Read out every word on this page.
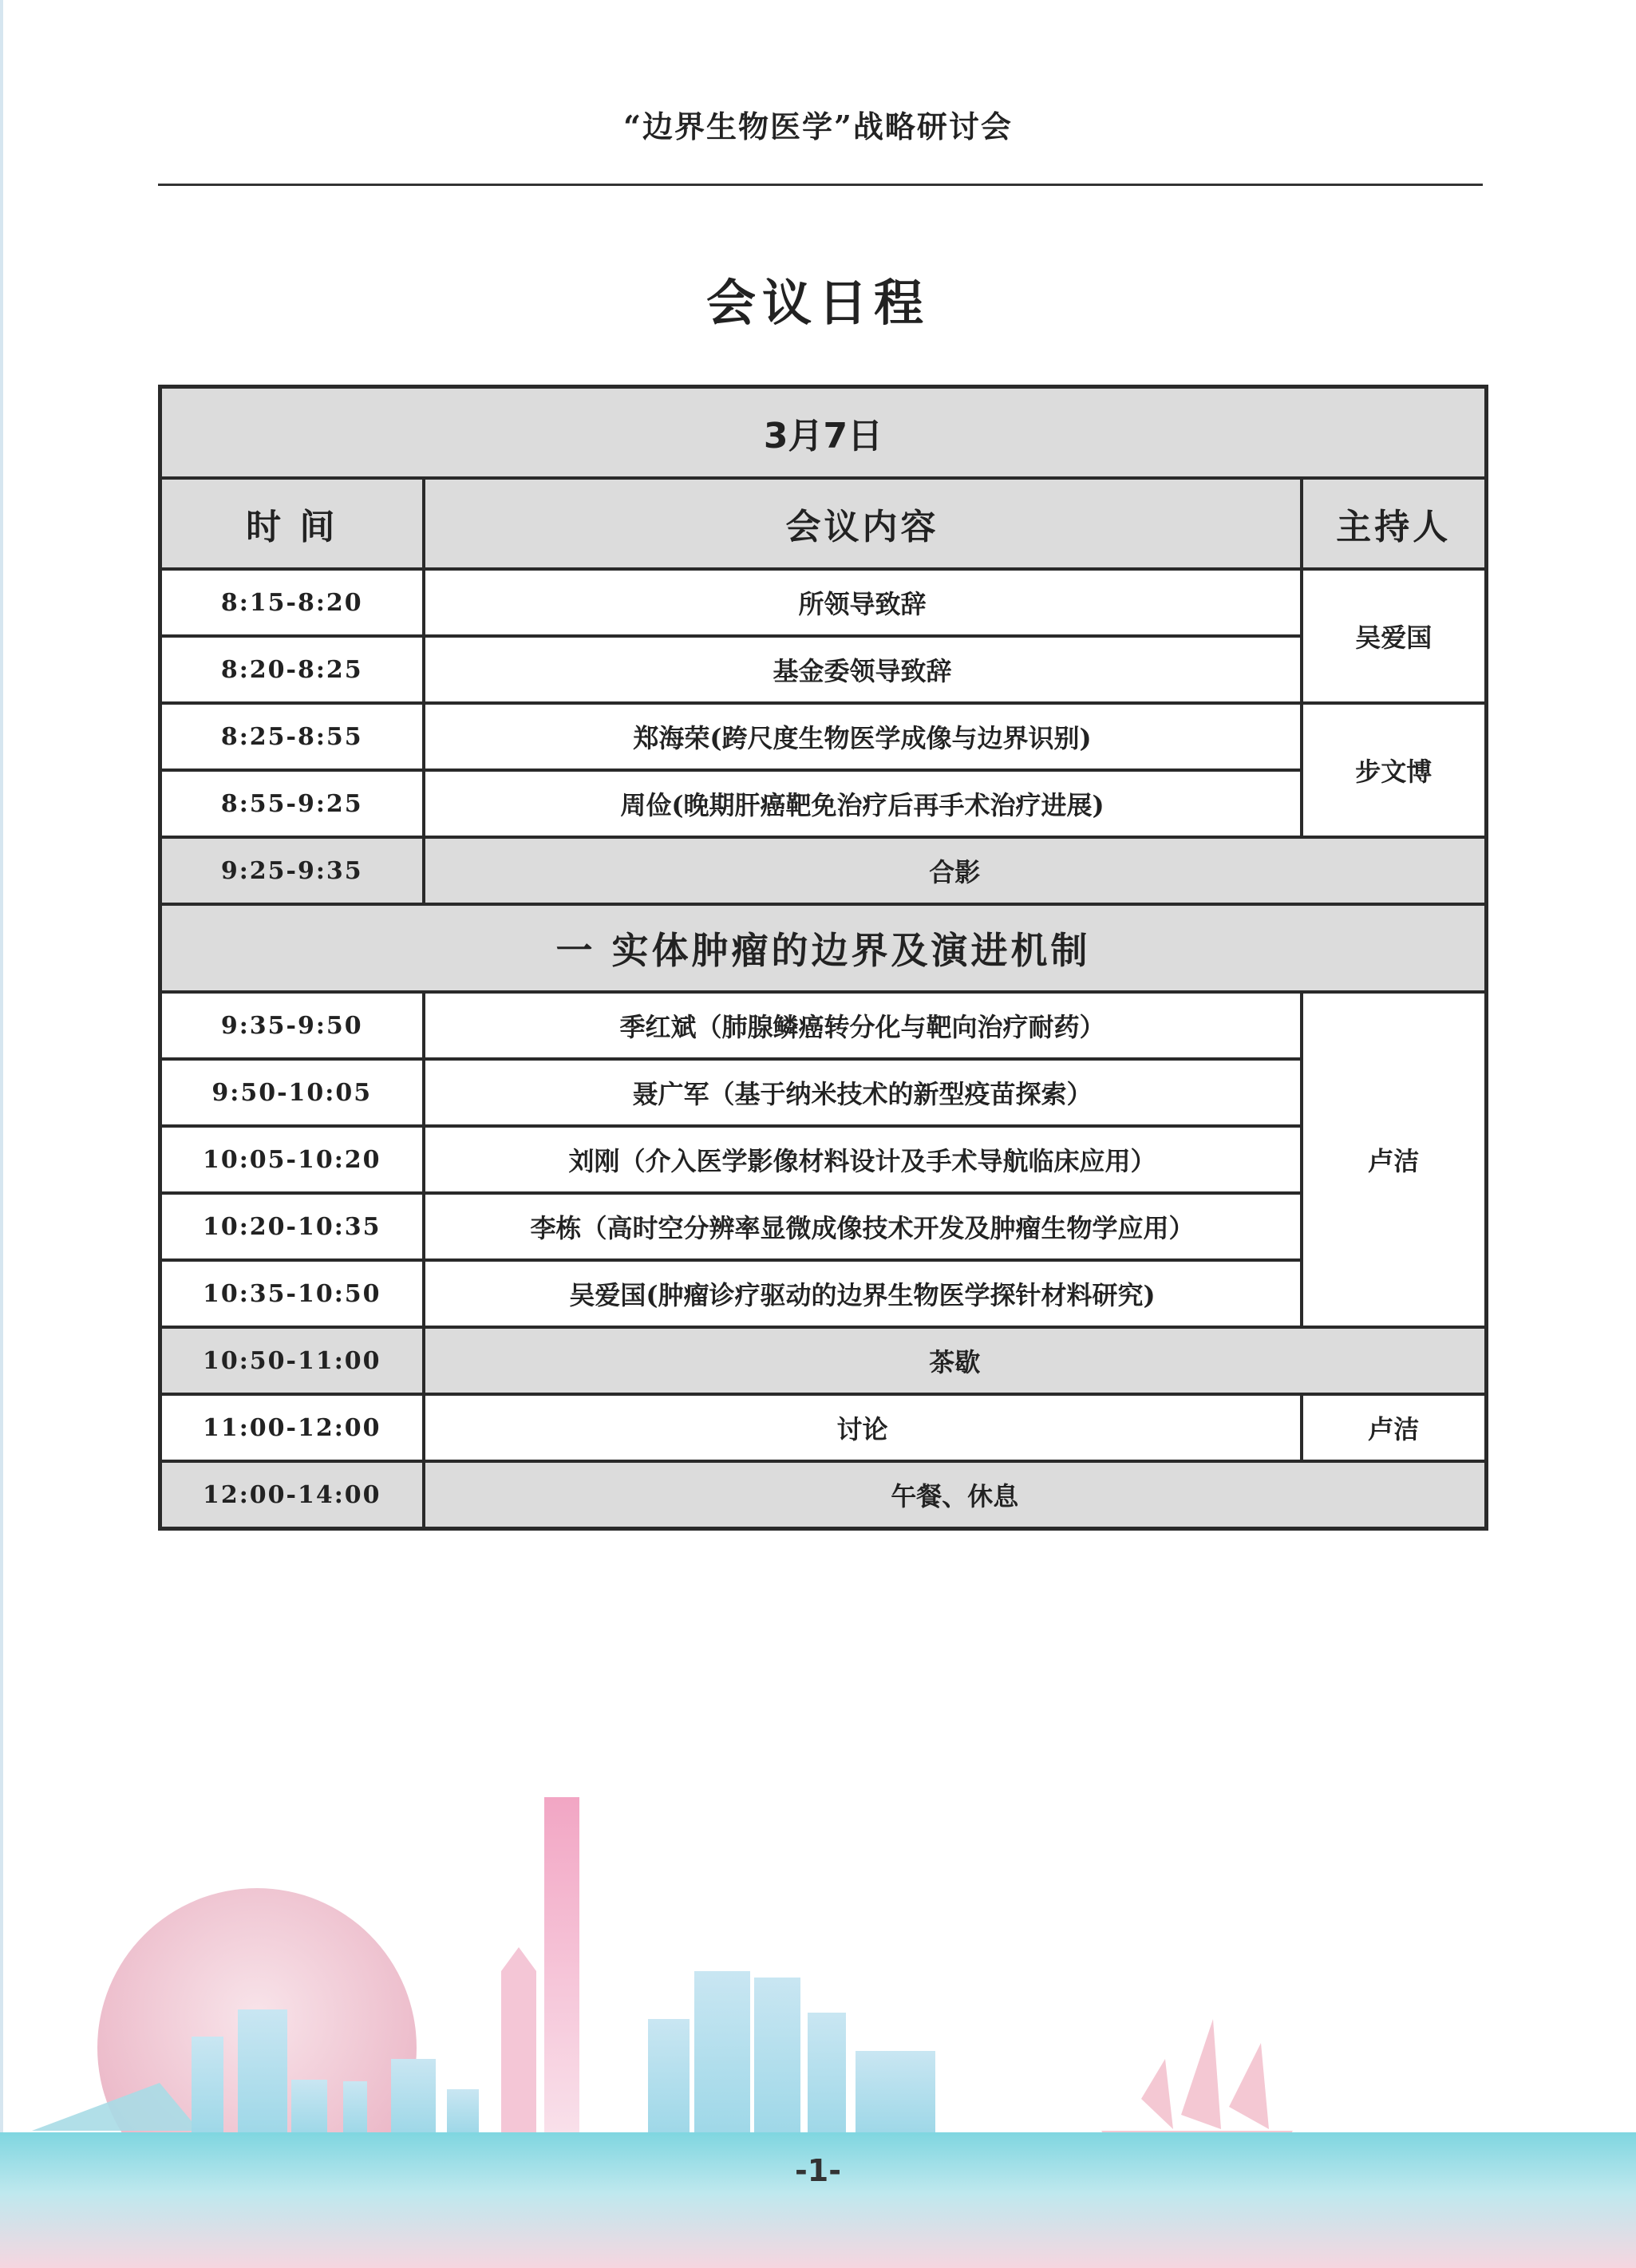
“边界生物医学”战略研讨会
会议日程
3月7日		
时 间	会议内容	主持人
8:15-8:20	所领导致辞	吴爱国
8:20-8:25	基金委领导致辞	
8:25-8:55	郑海荣(跨尺度生物医学成像与边界识别)	步文博
8:55-9:25	周俭(晚期肝癌靶免治疗后再手术治疗进展)	
9:25-9:35	合影	
一 实体肿瘤的边界及演进机制		
9:35-9:50	季红斌（肺腺鳞癌转分化与靶向治疗耐药）	卢洁
9:50-10:05	聂广军（基于纳米技术的新型疫苗探索）	
10:05-10:20	刘刚（介入医学影像材料设计及手术导航临床应用）	
10:20-10:35	李栋（高时空分辨率显微成像技术开发及肿瘤生物学应用）	
10:35-10:50	吴爱国(肿瘤诊疗驱动的边界生物医学探针材料研究)	
10:50-11:00	茶歇	
11:00-12:00	讨论	卢洁
12:00-14:00	午餐、休息	
-1-
